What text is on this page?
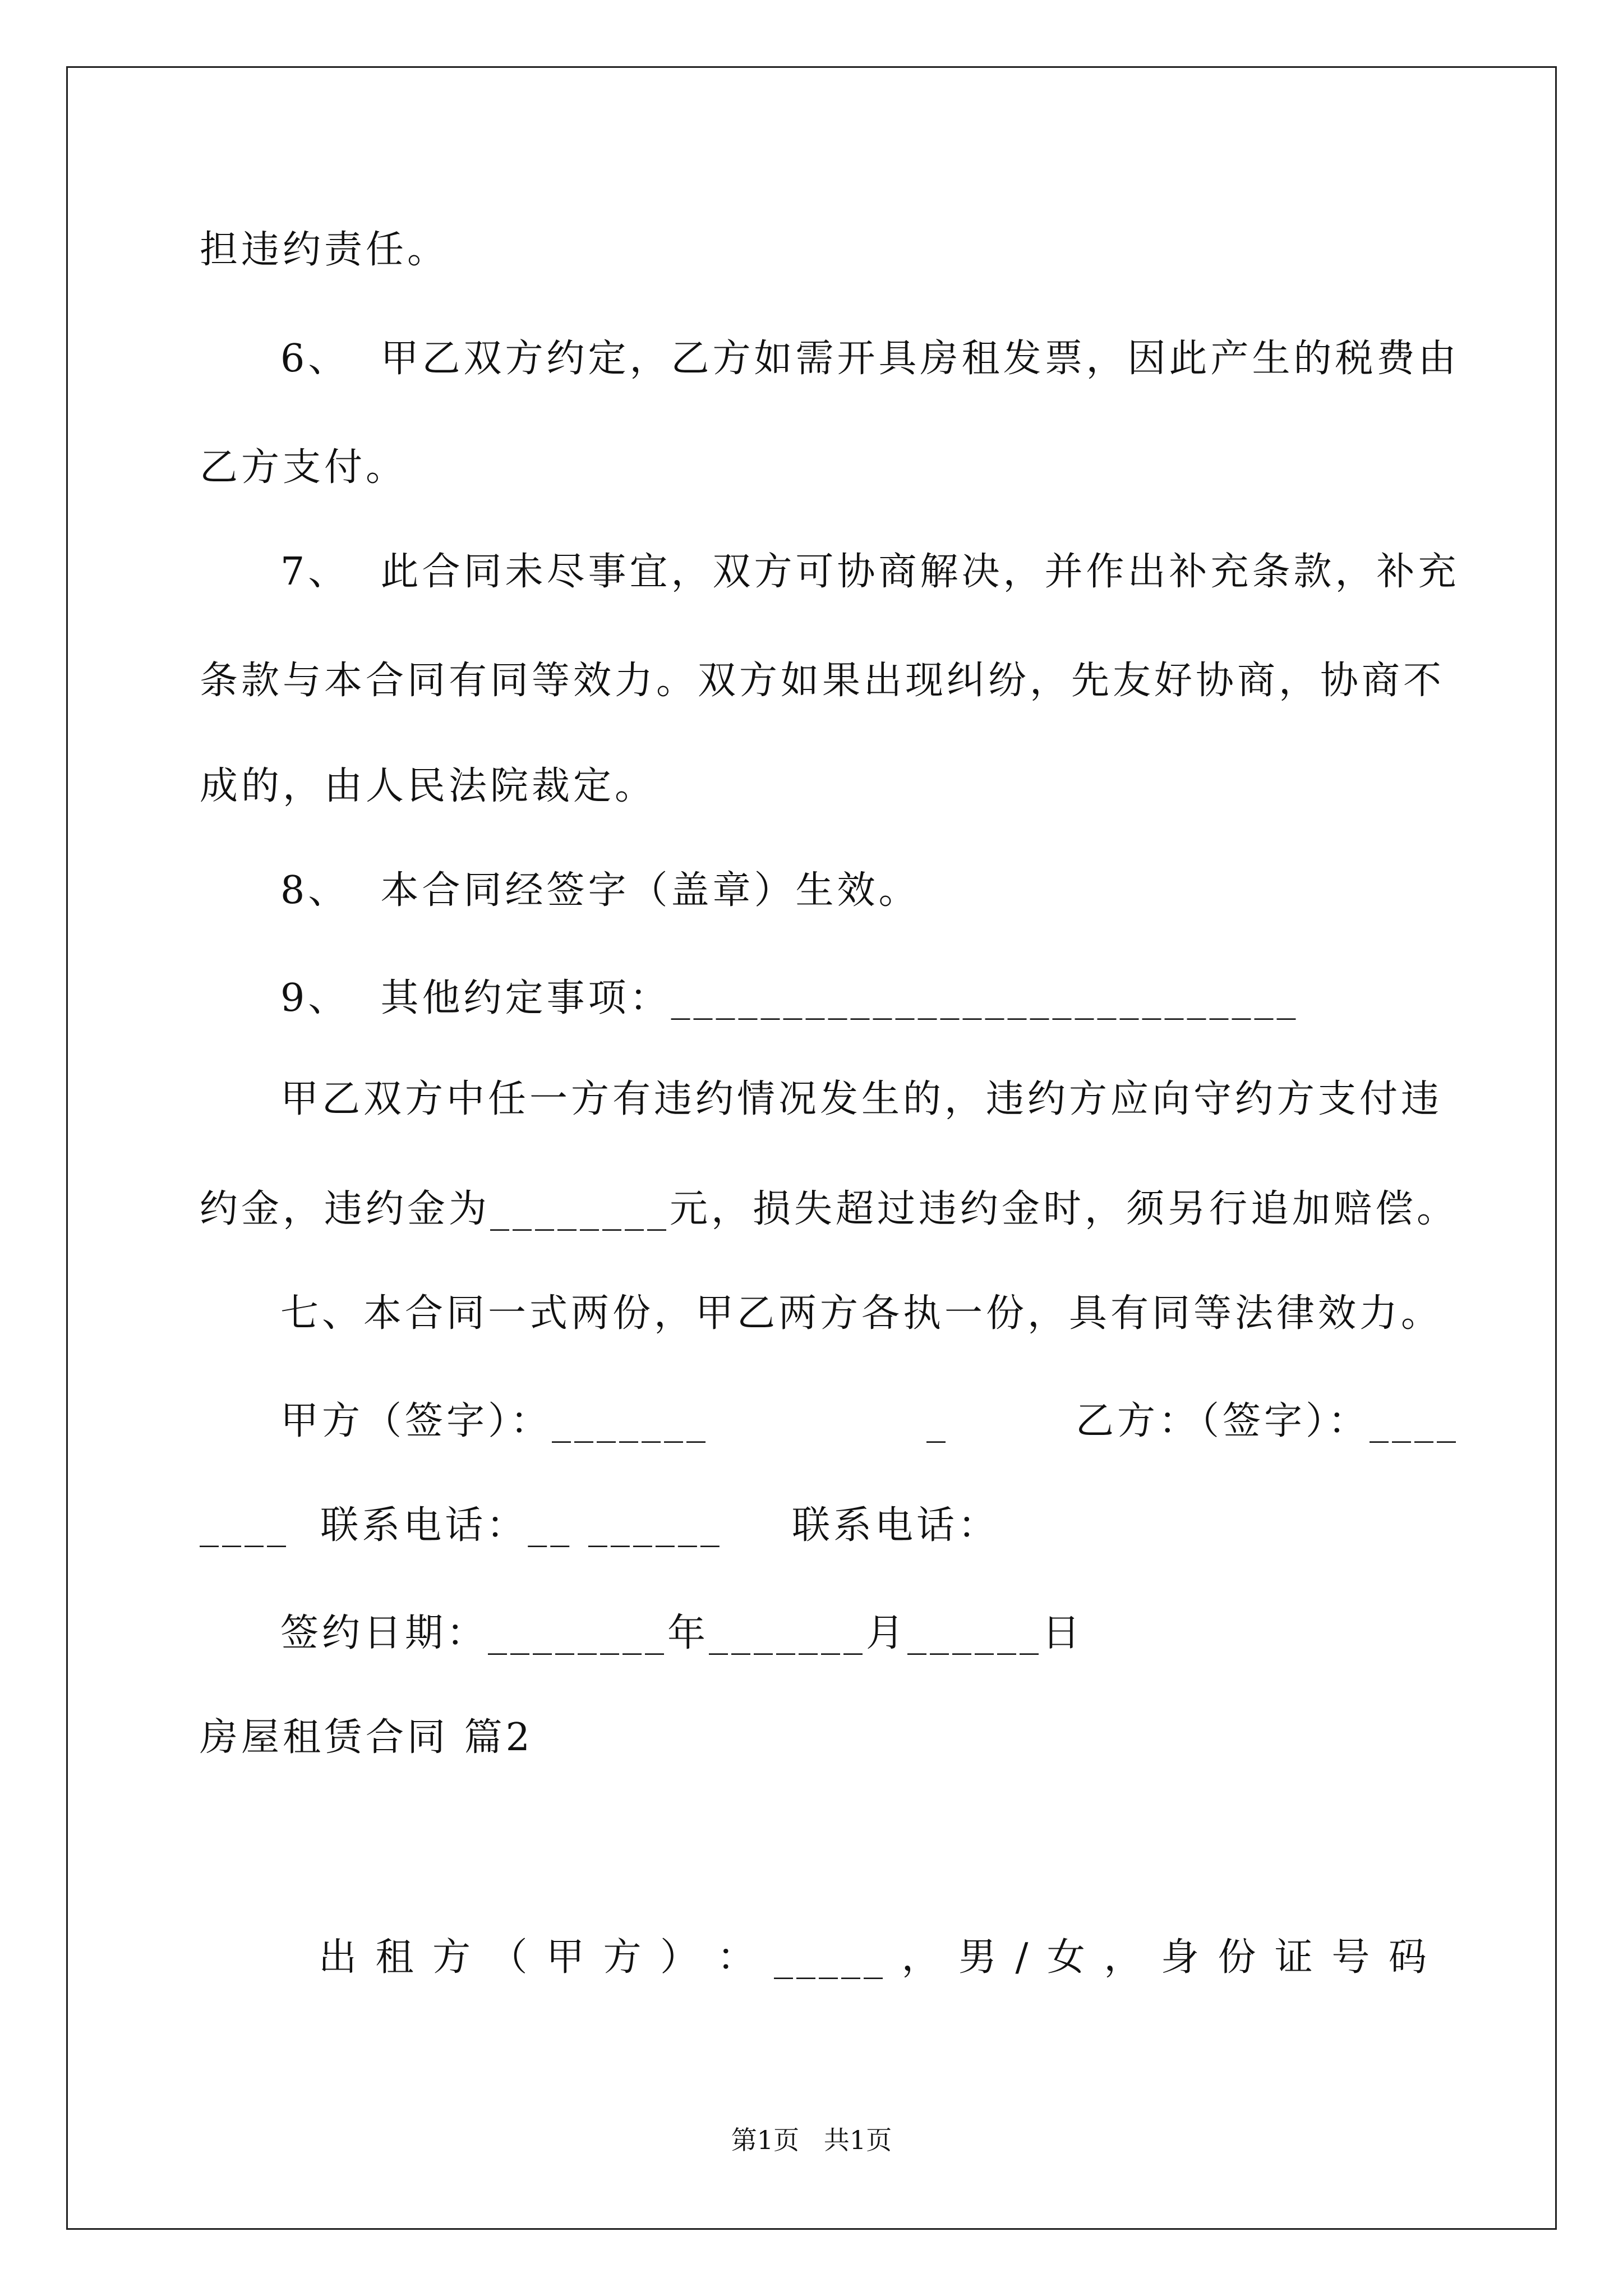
担违约责任。
6、  甲乙双方约定，乙方如需开具房租发票，因此产生的税费由
乙方支付。
7、  此合同未尽事宜，双方可协商解决，并作出补充条款，补充
条款与本合同有同等效力。双方如果出现纠纷，先友好协商，协商不
成的，由人民法院裁定。
8、  本合同经签字（盖章）生效。
9、  其他约定事项：____________________________
甲乙双方中任一方有违约情况发生的，违约方应向守约方支付违
约金，违约金为________元，损失超过违约金时，须另行追加赔偿。
七、本合同一式两份，甲乙两方各执一份，具有同等法律效力。
甲方（签字）：_______	_	乙方：（签字）：____
____  联系电话：__ ______ 联系电话：
签约日期：________年_______月______日
房屋租赁合同 篇2
出 租 方 （ 甲 方 ） ： _____ ， 男 / 女 ， 身 份 证 号 码
第1页   共1页
